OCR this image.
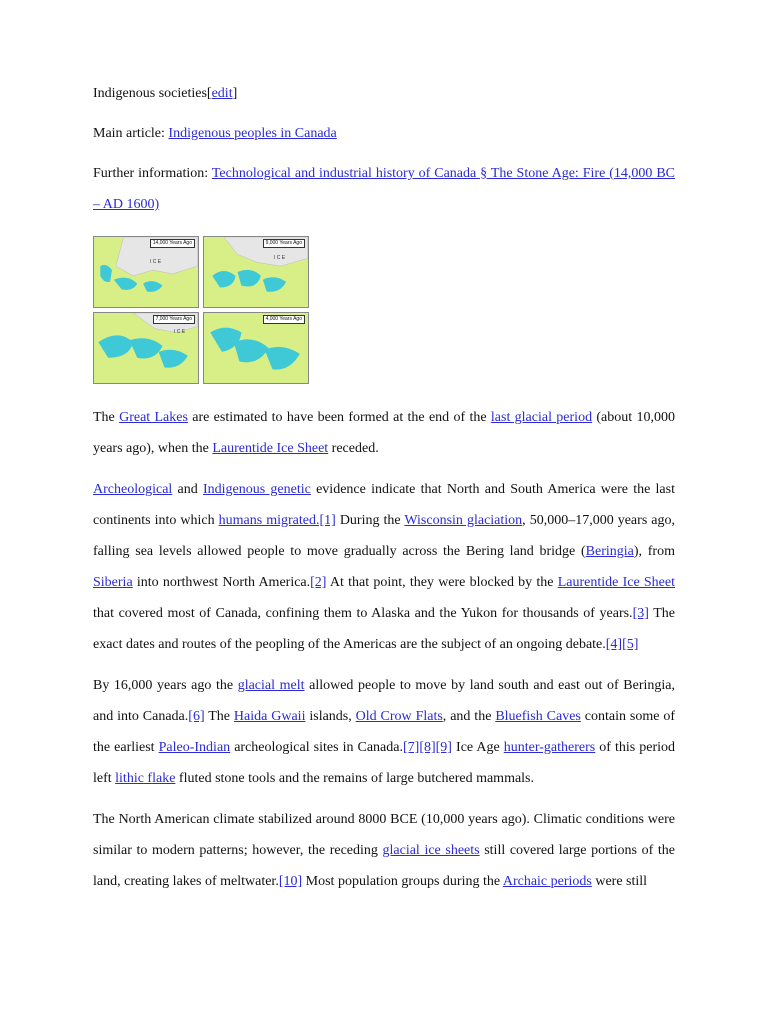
Indigenous societies[edit]

Main article: Indigenous peoples in Canada

Further information: Technological and industrial history of Canada § The Stone Age: Fire (14,000 BC – AD 1600)

14,000 Years Ago
I C E
9,000 Years Ago
I C E
7,000 Years Ago
I C E
4,000 Years Ago

The Great Lakes are estimated to have been formed at the end of the last glacial period (about 10,000 years ago), when the Laurentide Ice Sheet receded.

Archeological and Indigenous genetic evidence indicate that North and South America were the last continents into which humans migrated.[1] During the Wisconsin glaciation, 50,000–17,000 years ago, falling sea levels allowed people to move gradually across the Bering land bridge (Beringia), from Siberia into northwest North America.[2] At that point, they were blocked by the Laurentide Ice Sheet that covered most of Canada, confining them to Alaska and the Yukon for thousands of years.[3] The exact dates and routes of the peopling of the Americas are the subject of an ongoing debate.[4][5]

By 16,000 years ago the glacial melt allowed people to move by land south and east out of Beringia, and into Canada.[6] The Haida Gwaii islands, Old Crow Flats, and the Bluefish Caves contain some of the earliest Paleo-Indian archeological sites in Canada.[7][8][9] Ice Age hunter-gatherers of this period left lithic flake fluted stone tools and the remains of large butchered mammals.

The North American climate stabilized around 8000 BCE (10,000 years ago). Climatic conditions were similar to modern patterns; however, the receding glacial ice sheets still covered large portions of the land, creating lakes of meltwater.[10] Most population groups during the Archaic periods were still
